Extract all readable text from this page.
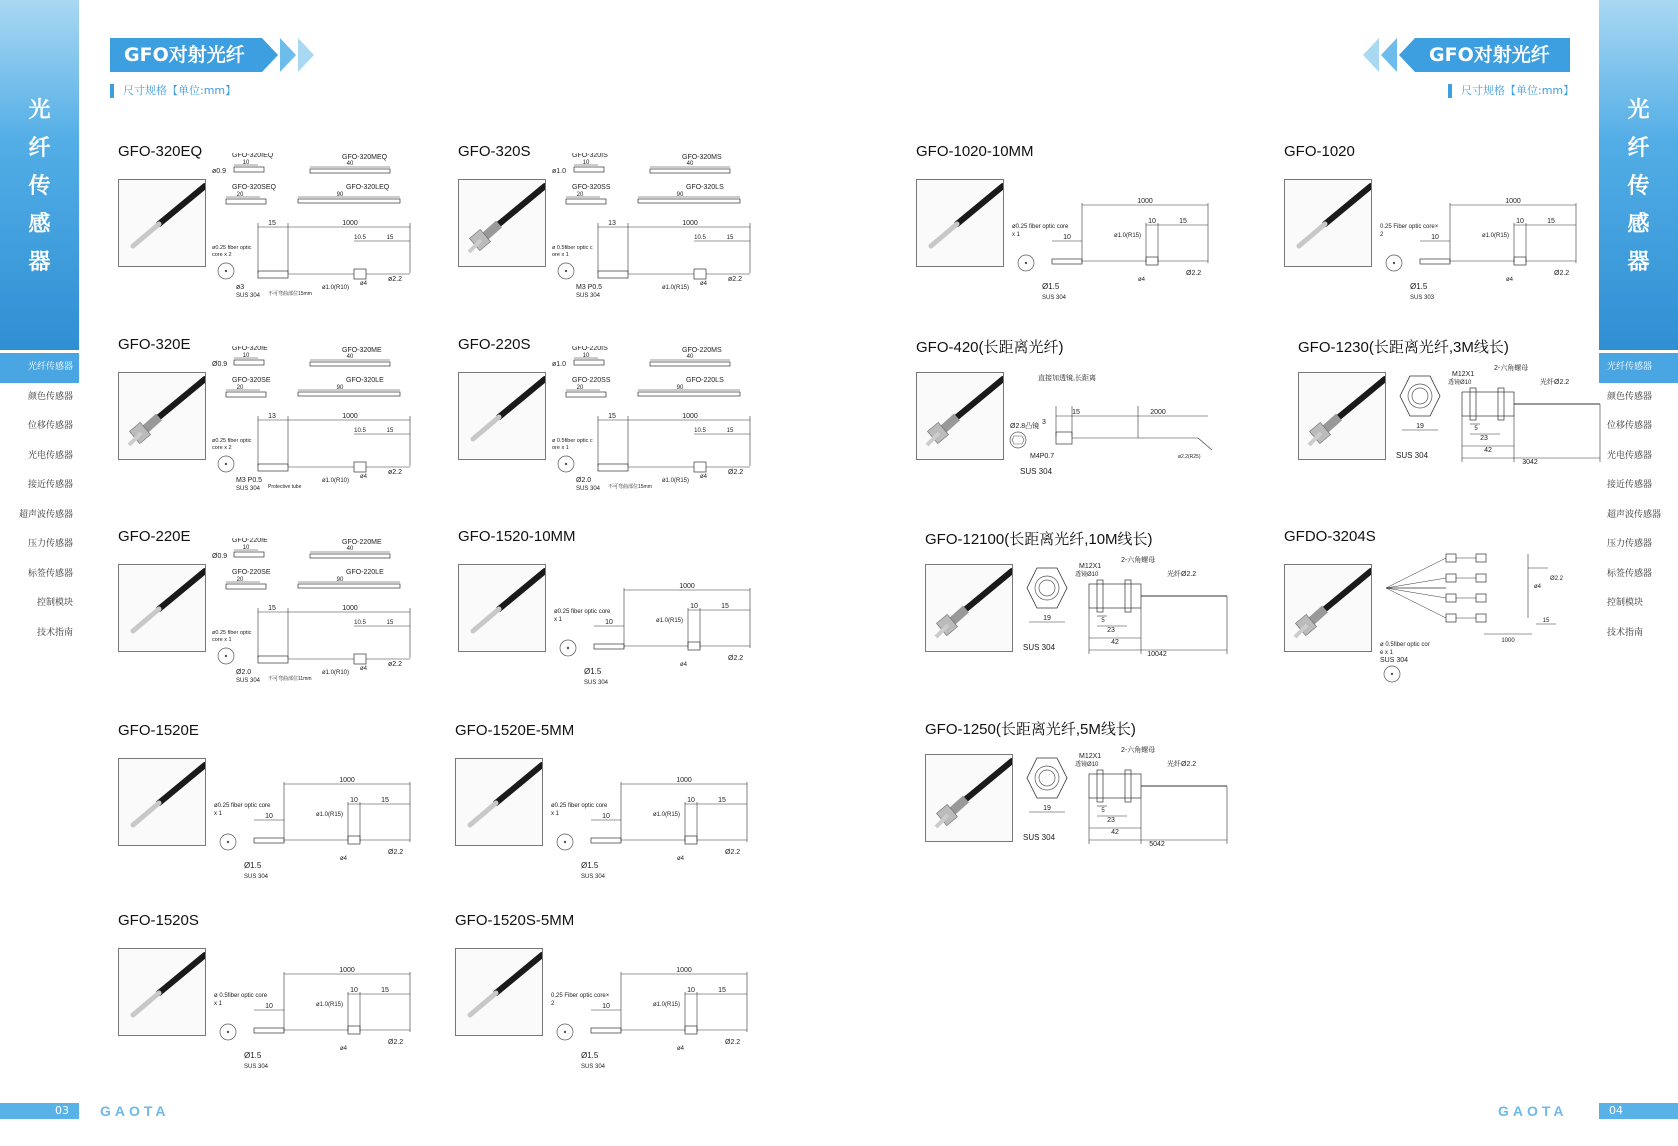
光
纤
传
感
器
光纤传感器
颜色传感器
位移传感器
光电传感器
接近传感器
超声波传感器
压力传感器
标签传感器
控制模块
技术指南
03
光
纤
传
感
器
光纤传感器
颜色传感器
位移传感器
光电传感器
接近传感器
超声波传感器
压力传感器
标签传感器
控制模块
技术指南
04
GFO对射光纤
尺寸规格【单位:mm】
GFO对射光纤
尺寸规格【单位:mm】
GFO-320EQ	GFO-320IEQ
10
ø0.9
GFO-320MEQ
40
GFO-320SEQ
20
GFO-320LEQ
90
ø0.25 fiber optic
core x 2
ø3
SUS 304
15	1000
10.5	15
不可弯曲部位15mm
ø1.0(R10)
ø4
ø2.2
GFO-320S	GFO-320IS
10
ø1.0
GFO-320MS
40
GFO-320SS
20
GFO-320LS
90
ø 0.5fiber optic c
ore x 1
M3 P0.5
SUS 304
13	1000
10.5	15
ø1.0(R15)
ø4
ø2.2
GFO-1020-10MM
ø0.25 fiber optic core
x 1
Ø1.5
SUS 304
1000
10
10	15
ø1.0(R15)
ø4
Ø2.2
GFO-1020
0.25 Fiber optic core×
2
Ø1.5
SUS 303
1000
10
10	15
ø1.0(R15)
ø4
Ø2.2
GFO-320E	GFO-320IE
10
Ø0.9
GFO-320ME
40
GFO-320SE
20
GFO-320LE
90
ø0.25 fiber optic
core x 2
M3 P0.5
SUS 304
13	1000
10.5	15
Protective tube
ø1.0(R10)
ø4
ø2.2
GFO-220S	GFO-220IS
10
ø1.0
GFO-220MS
40
GFO-220SS
20
GFO-220LS
90
ø 0.5fiber optic c
ore x 1
Ø2.0
SUS 304
15	1000
10.5	15
不可弯曲部位15mm
ø1.0(R15)
ø4
Ø2.2
GFO-420(长距离光纤)
直接加透镜,长距离
Ø2.8凸镜
M4P0.7
SUS 304
15	2000
3
ø2.2(R25)
GFO-1230(长距离光纤,3M线长)
19
SUS 304
M12X1
透镜Ø10
2-六角螺母
光纤Ø2.2
5
23
42
3042
GFO-220E	GFO-220IE
10
Ø0.9
GFO-220ME
40
GFO-220SE
20
GFO-220LE
90
ø0.25 fiber optic
core x 1
Ø2.0
SUS 304
15	1000
10.5	15
不可弯曲部位11mm
ø1.0(R10)
ø4
ø2.2
GFO-1520-10MM
ø0.25 fiber optic core
x 1
Ø1.5
SUS 304
1000
10
10	15
ø1.0(R15)
ø4
Ø2.2
GFO-12100(长距离光纤,10M线长)
19
SUS 304
M12X1
透镜Ø10
2-六角螺母
光纤Ø2.2
5
23
42
10042
GFDO-3204S
1000
15
ø4
Ø2.2
ø 0.5fiber optic cor
e x 1
SUS 304
GFO-1520E
ø0.25 fiber optic core
x 1
Ø1.5
SUS 304
1000
10
10	15
ø1.0(R15)
ø4
Ø2.2
GFO-1520E-5MM
ø0.25 fiber optic core
x 1
Ø1.5
SUS 304
1000
10
10	15
ø1.0(R15)
ø4
Ø2.2
GFO-1250(长距离光纤,5M线长)
19
SUS 304
M12X1
透镜Ø10
2-六角螺母
光纤Ø2.2
5
23
42
5042
GFO-1520S
ø 0.5fiber optic core
x 1
Ø1.5
SUS 304
1000
10
10	15
ø1.0(R15)
ø4
Ø2.2
GFO-1520S-5MM
0.25 Fiber optic core×
2
Ø1.5
SUS 304
1000
10
10	15
ø1.0(R15)
ø4
Ø2.2
GAOTA	GAOTA
